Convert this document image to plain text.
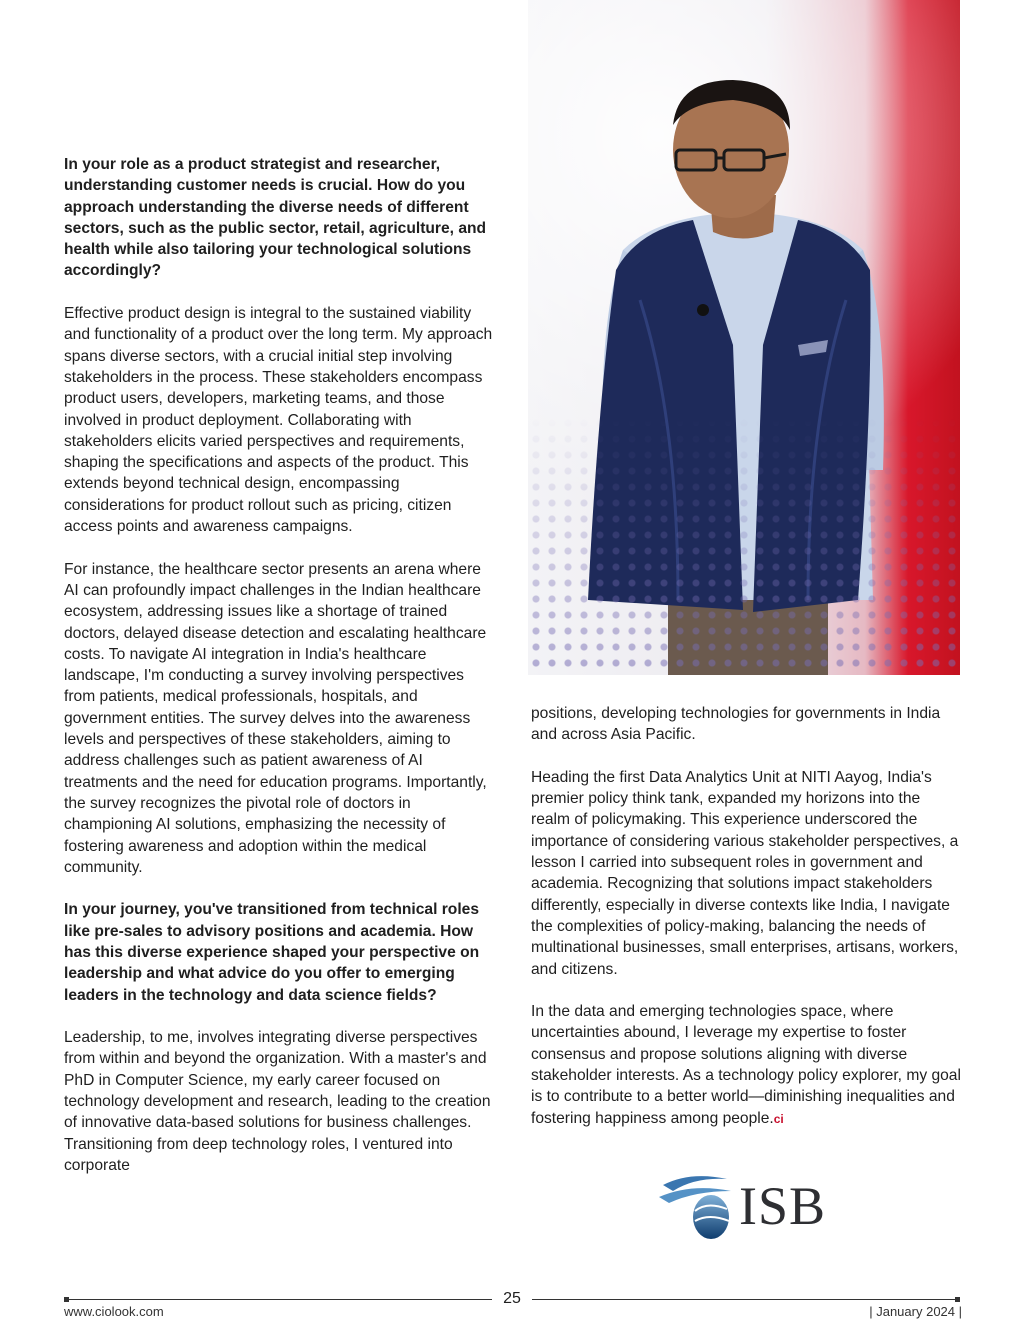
In your role as a product strategist and researcher, understanding customer needs is crucial. How do you approach understanding the diverse needs of different sectors, such as the public sector, retail, agriculture, and health while also tailoring your technological solutions accordingly?

Effective product design is integral to the sustained viability and functionality of a product over the long term. My approach spans diverse sectors, with a crucial initial step involving stakeholders in the process. These stakeholders encompass product users, developers, marketing teams, and those involved in product deployment. Collaborating with stakeholders elicits varied perspectives and requirements, shaping the specifications and aspects of the product. This extends beyond technical design, encompassing considerations for product rollout such as pricing, citizen access points and awareness campaigns.

For instance, the healthcare sector presents an arena where AI can profoundly impact challenges in the Indian healthcare ecosystem, addressing issues like a shortage of trained doctors, delayed disease detection and escalating healthcare costs. To navigate AI integration in India's healthcare landscape, I'm conducting a survey involving perspectives from patients, medical professionals, hospitals, and government entities. The survey delves into the awareness levels and perspectives of these stakeholders, aiming to address challenges such as patient awareness of AI treatments and the need for education programs. Importantly, the survey recognizes the pivotal role of doctors in championing AI solutions, emphasizing the necessity of fostering awareness and adoption within the medical community.

In your journey, you've transitioned from technical roles like pre-sales to advisory positions and academia. How has this diverse experience shaped your perspective on leadership and what advice do you offer to emerging leaders in the technology and data science fields?

Leadership, to me, involves integrating diverse perspectives from within and beyond the organization. With a master's and PhD in Computer Science, my early career focused on technology development and research, leading to the creation of innovative data-based solutions for business challenges. Transitioning from deep technology roles, I ventured into corporate

positions, developing technologies for governments in India and across Asia Pacific.

Heading the first Data Analytics Unit at NITI Aayog, India's premier policy think tank, expanded my horizons into the realm of policymaking. This experience underscored the importance of considering various stakeholder perspectives, a lesson I carried into subsequent roles in government and academia. Recognizing that solutions impact stakeholders differently, especially in diverse contexts like India, I navigate the complexities of policy-making, balancing the needs of multinational businesses, small enterprises, artisans, workers, and citizens.

In the data and emerging technologies space, where uncertainties abound, I leverage my expertise to foster consensus and propose solutions aligning with diverse stakeholder interests. As a technology policy explorer, my goal is to contribute to a better world—diminishing inequalities and fostering happiness among people.ci

ISB
25
www.ciolook.com	| January 2024 |
